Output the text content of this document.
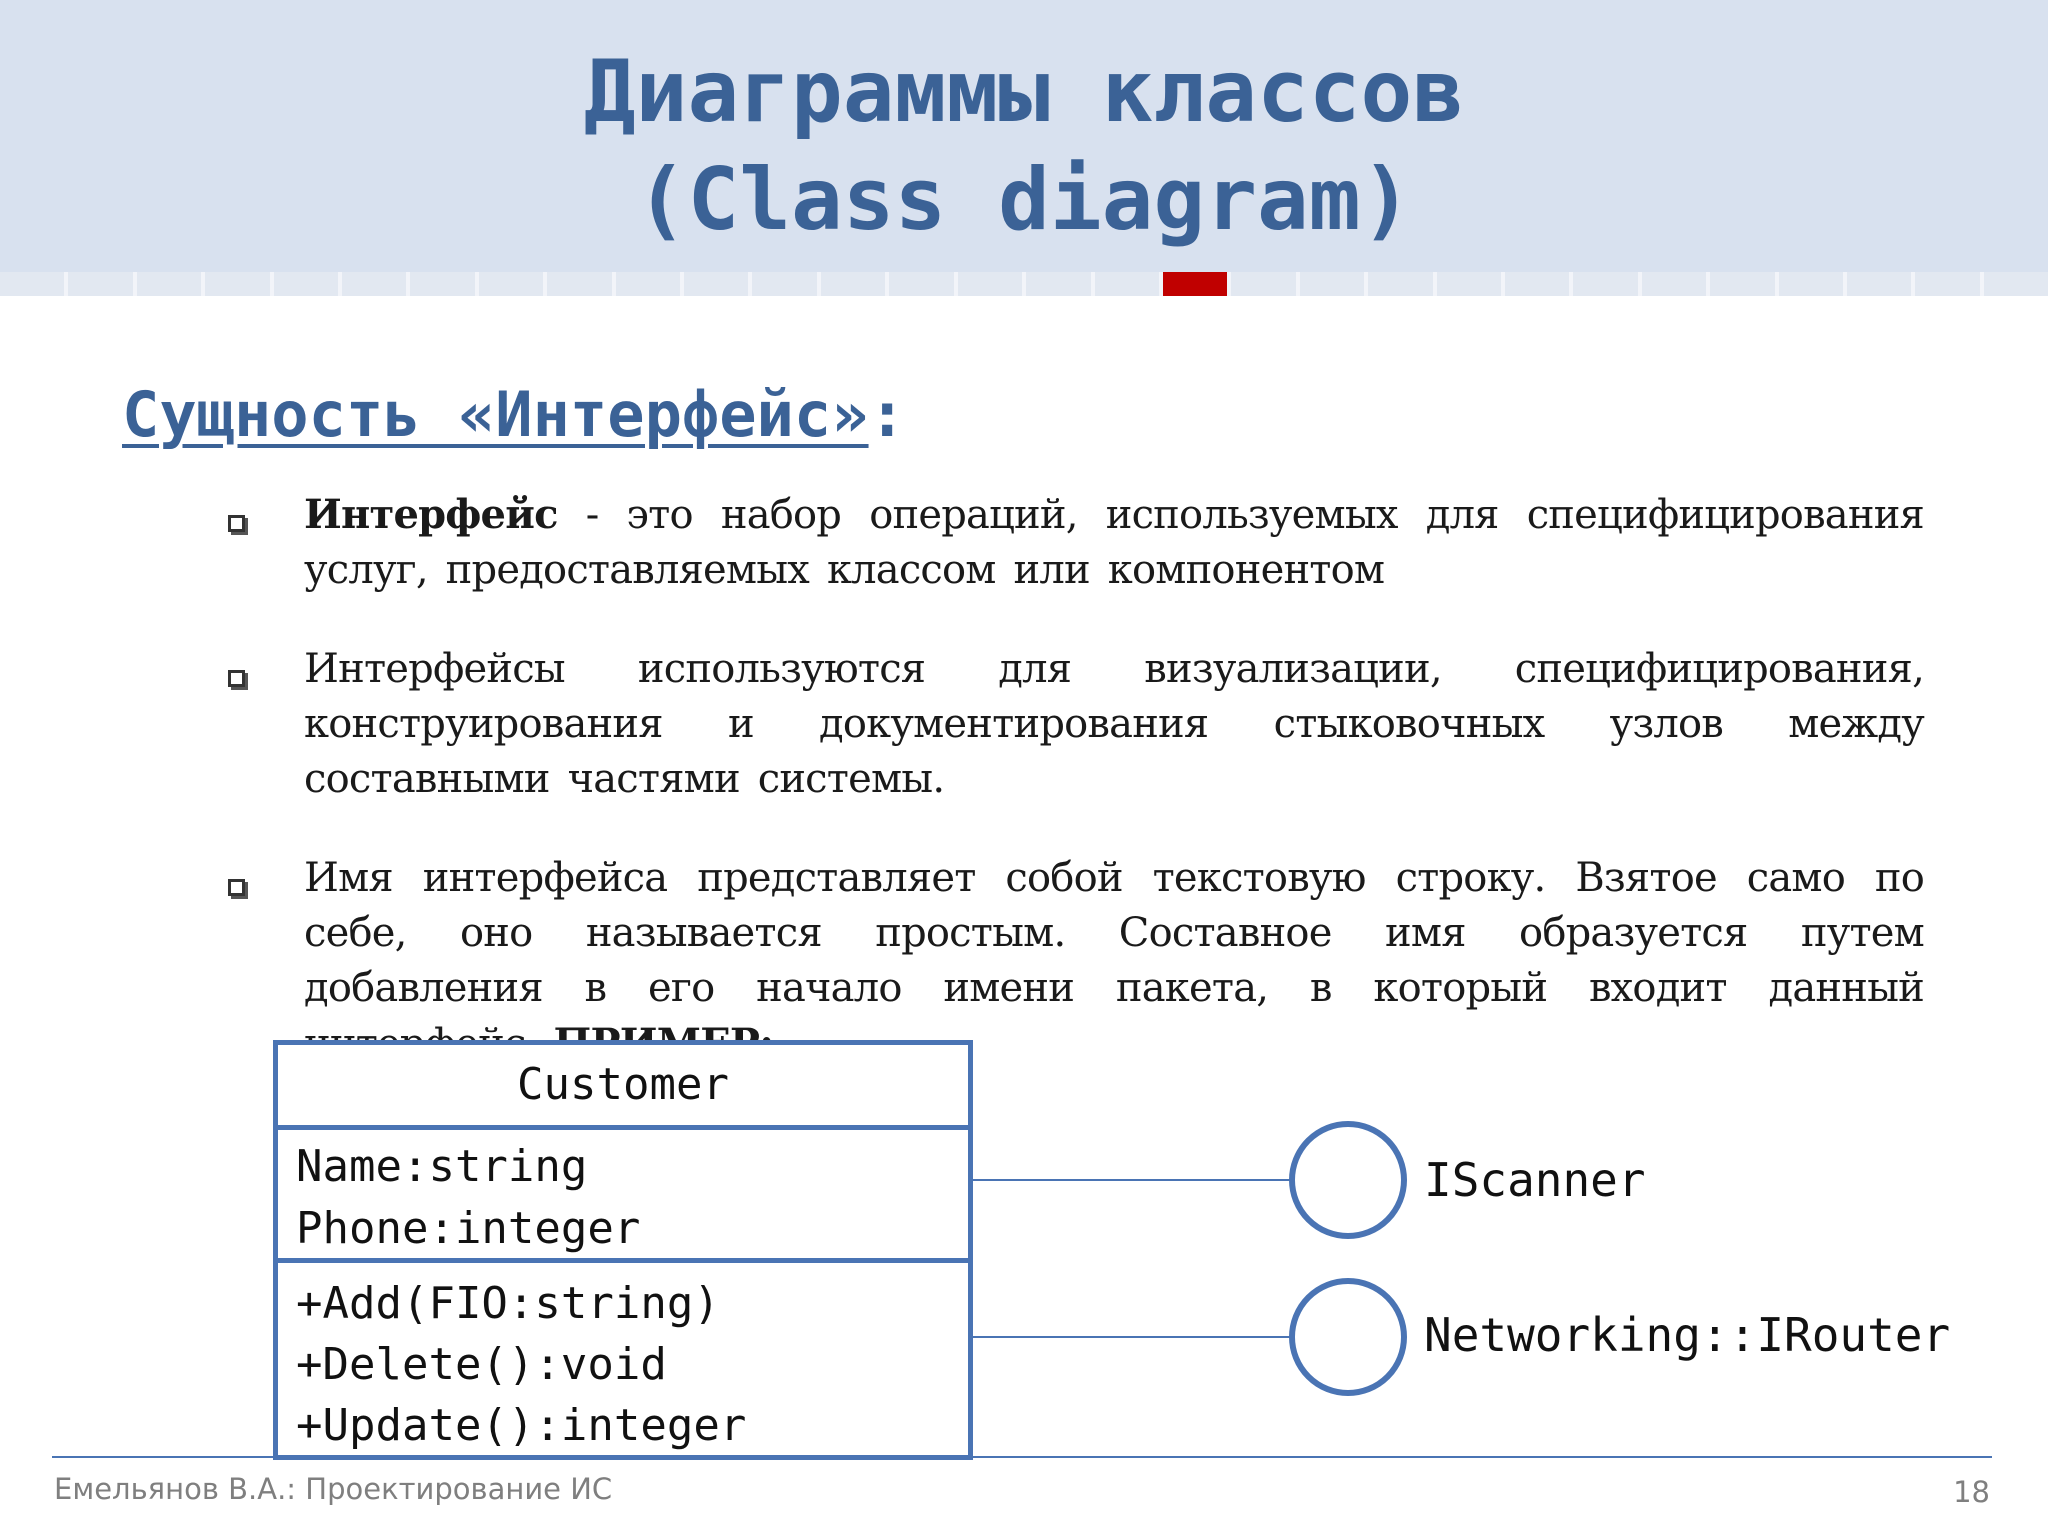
Диаграммы классов
(Class diagram)
Сущность «Интерфейс»:
Интерфейс - это набор операций, используемых для специфицирования услуг, предоставляемых классом или компонентом
Интерфейсы используются для визуализации, специфицирования, конструирования и документирования стыковочных узлов между составными частями системы.
Имя интерфейса представляет собой текстовую строку. Взятое само по себе, оно называется простым. Составное имя образуется путем добавления в его начало имени пакета, в который входит данный
Customer
Name:string
Phone:integer
+Add(FIO:string)
+Delete():void
+Update():integer
IScanner
Networking::IRouter
Емельянов В.А.: Проектирование ИС	18
